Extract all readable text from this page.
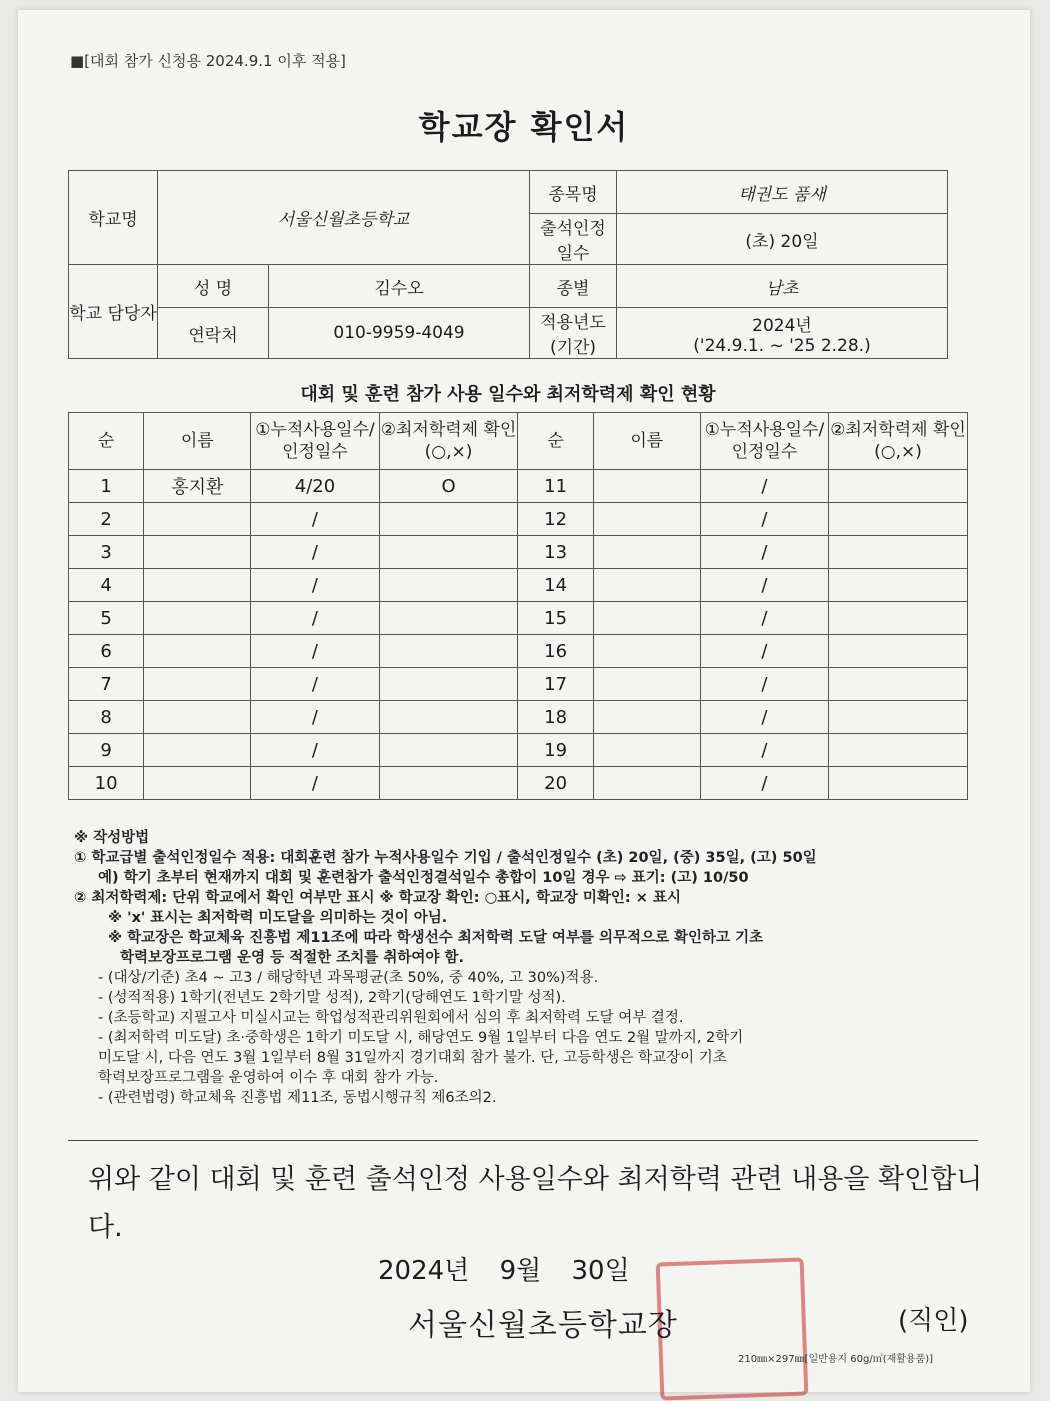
■[대회 참가 신청용 2024.9.1 이후 적용]
학교장 확인서
학교명	서울신월초등학교		종목명	태권도 품새
			출석인정 일수	(초) 20일
학교 담당자	성 명	김수오	종별	남초
	연락처	010-9959-4049	적용년도 (기간)	2024년
('24.9.1. ~ '25 2.28.)
대회 및 훈련 참가 사용 일수와 최저학력제 확인 현황
순	이름	①누적사용일수/인정일수	②최저학력제 확인(○,×)	순	이름	①누적사용일수/인정일수	②최저학력제 확인(○,×)
1	홍지환	4/20	O	11		/	
2		/		12		/	
3		/		13		/	
4		/		14		/	
5		/		15		/	
6		/		16		/	
7		/		17		/	
8		/		18		/	
9		/		19		/	
10		/		20		/	

※ 작성방법

① 학교급별 출석인정일수 적용: 대회훈련 참가 누적사용일수 기입 / 출석인정일수 (초) 20일, (중) 35일, (고) 50일

예) 학기 초부터 현재까지 대회 및 훈련참가 출석인정결석일수 총합이 10일 경우 ⇨ 표기: (고) 10/50

② 최저학력제: 단위 학교에서 확인 여부만 표시 ※ 학교장 확인: ○표시, 학교장 미확인: × 표시

※ 'x' 표시는 최저학력 미도달을 의미하는 것이 아님.

※ 학교장은 학교체육 진흥법 제11조에 따라 학생선수 최저학력 도달 여부를 의무적으로 확인하고 기초

학력보장프로그램 운영 등 적절한 조치를 취하여야 함.

- (대상/기준) 초4 ~ 고3 / 해당학년 과목평균(초 50%, 중 40%, 고 30%)적용.

- (성적적용) 1학기(전년도 2학기말 성적), 2학기(당해연도 1학기말 성적).

- (초등학교) 지필고사 미실시교는 학업성적관리위원회에서 심의 후 최저학력 도달 여부 결정.

- (최저학력 미도달) 초·중학생은 1학기 미도달 시, 해당연도 9월 1일부터 다음 연도 2월 말까지, 2학기

미도달 시, 다음 연도 3월 1일부터 8월 31일까지 경기대회 참가 불가. 단, 고등학생은 학교장이 기초

학력보장프로그램을 운영하여 이수 후 대회 참가 가능.

- (관련법령) 학교체육 진흥법 제11조, 동법시행규칙 제6조의2.

위와 같이 대회 및 훈련 출석인정 사용일수와 최저학력 관련 내용을 확인합니다.
2024년 9월 30일
서울신월초등학교장	(직인)
210㎜×297㎜[일반용지 60g/㎡(재활용품)]
